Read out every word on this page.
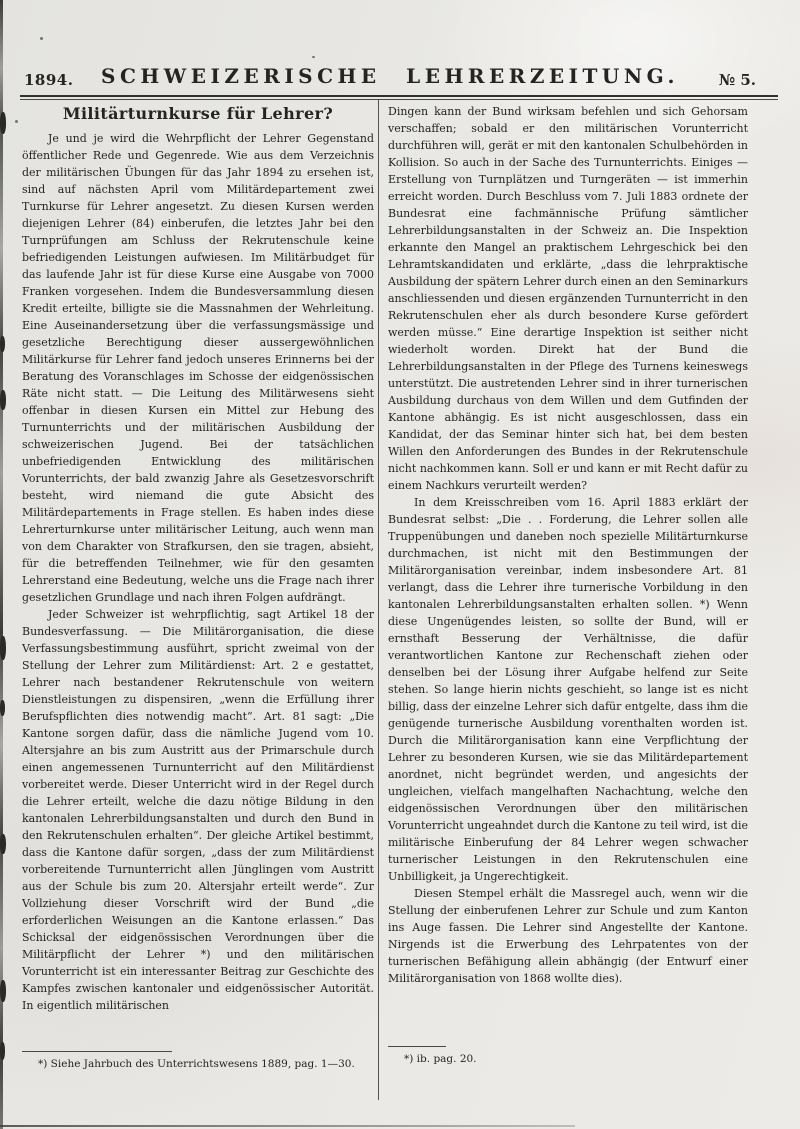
1894.	SCHWEIZERISCHE LEHRERZEITUNG.	№ 5.
Militärturnkurse für Lehrer?

Je und je wird die Wehrpflicht der Lehrer Gegenstand öffentlicher Rede und Gegenrede. Wie aus dem Verzeichnis der militärischen Übungen für das Jahr 1894 zu ersehen ist, sind auf nächsten April vom Militärdepartement zwei Turnkurse für Lehrer angesetzt. Zu diesen Kursen werden diejenigen Lehrer (84) einberufen, die letztes Jahr bei den Turnprüfungen am Schluss der Rekrutenschule keine befriedigenden Leistungen aufwiesen. Im Militärbudget für das laufende Jahr ist für diese Kurse eine Ausgabe von 7000 Franken vorgesehen. Indem die Bundesversammlung diesen Kredit erteilte, billigte sie die Massnahmen der Wehrleitung. Eine Auseinandersetzung über die verfassungsmässige und gesetzliche Berechtigung dieser aussergewöhnlichen Militärkurse für Lehrer fand jedoch unseres Erinnerns bei der Beratung des Voranschlages im Schosse der eidgenössischen Räte nicht statt. — Die Leitung des Militärwesens sieht offenbar in diesen Kursen ein Mittel zur Hebung des Turnunterrichts und der militärischen Ausbildung der schweizerischen Jugend. Bei der tatsächlichen unbefriedigenden Entwicklung des militärischen Vorunterrichts, der bald zwanzig Jahre als Gesetzesvorschrift besteht, wird niemand die gute Absicht des Militärdepartements in Frage stellen. Es haben indes diese Lehrerturnkurse unter militärischer Leitung, auch wenn man von dem Charakter von Strafkursen, den sie tragen, absieht, für die betreffenden Teilnehmer, wie für den gesamten Lehrerstand eine Bedeutung, welche uns die Frage nach ihrer gesetzlichen Grundlage und nach ihren Folgen aufdrängt.

Jeder Schweizer ist wehrpflichtig, sagt Artikel 18 der Bundesverfassung. — Die Militärorganisation, die diese Verfassungsbestimmung ausführt, spricht zweimal von der Stellung der Lehrer zum Militärdienst: Art. 2 e gestattet, Lehrer nach bestandener Rekrutenschule von weitern Dienstleistungen zu dispensiren, „wenn die Erfüllung ihrer Berufspflichten dies notwendig macht“. Art. 81 sagt: „Die Kantone sorgen dafür, dass die nämliche Jugend vom 10. Altersjahre an bis zum Austritt aus der Primarschule durch einen angemessenen Turnunterricht auf den Militärdienst vorbereitet werde. Dieser Unterricht wird in der Regel durch die Lehrer erteilt, welche die dazu nötige Bildung in den kantonalen Lehrerbildungsanstalten und durch den Bund in den Rekrutenschulen erhalten“. Der gleiche Artikel bestimmt, dass die Kantone dafür sorgen, „dass der zum Militärdienst vorbereitende Turnunterricht allen Jünglingen vom Austritt aus der Schule bis zum 20. Altersjahr erteilt werde“. Zur Vollziehung dieser Vorschrift wird der Bund „die erforderlichen Weisungen an die Kantone erlassen.“ Das Schicksal der eidgenössischen Verordnungen über die Militärpflicht der Lehrer *) und den militärischen Vorunterricht ist ein interessanter Beitrag zur Geschichte des Kampfes zwischen kantonaler und eidgenössischer Autorität. In eigentlich militärischen

Dingen kann der Bund wirksam befehlen und sich Gehorsam verschaffen; sobald er den militärischen Vorunterricht durchführen will, gerät er mit den kantonalen Schulbehörden in Kollision. So auch in der Sache des Turnunterrichts. Einiges — Erstellung von Turnplätzen und Turngeräten — ist immerhin erreicht worden. Durch Beschluss vom 7. Juli 1883 ordnete der Bundesrat eine fachmännische Prüfung sämtlicher Lehrerbildungsanstalten in der Schweiz an. Die Inspektion erkannte den Mangel an praktischem Lehrgeschick bei den Lehramtskandidaten und erklärte, „dass die lehrpraktische Ausbildung der spätern Lehrer durch einen an den Seminarkurs anschliessenden und diesen ergänzenden Turnunterricht in den Rekrutenschulen eher als durch besondere Kurse gefördert werden müsse.“ Eine derartige Inspektion ist seither nicht wiederholt worden. Direkt hat der Bund die Lehrerbildungsanstalten in der Pflege des Turnens keineswegs unterstützt. Die austretenden Lehrer sind in ihrer turnerischen Ausbildung durchaus von dem Willen und dem Gutfinden der Kantone abhängig. Es ist nicht ausgeschlossen, dass ein Kandidat, der das Seminar hinter sich hat, bei dem besten Willen den Anforderungen des Bundes in der Rekrutenschule nicht nachkommen kann. Soll er und kann er mit Recht dafür zu einem Nachkurs verurteilt werden?

In dem Kreisschreiben vom 16. April 1883 erklärt der Bundesrat selbst: „Die . . Forderung, die Lehrer sollen alle Truppenübungen und daneben noch spezielle Militärturnkurse durchmachen, ist nicht mit den Bestimmungen der Militärorganisation vereinbar, indem insbesondere Art. 81 verlangt, dass die Lehrer ihre turnerische Vorbildung in den kantonalen Lehrerbildungsanstalten erhalten sollen. *) Wenn diese Ungenügendes leisten, so sollte der Bund, will er ernsthaft Besserung der Verhältnisse, die dafür verantwortlichen Kantone zur Rechenschaft ziehen oder denselben bei der Lösung ihrer Aufgabe helfend zur Seite stehen. So lange hierin nichts geschieht, so lange ist es nicht billig, dass der einzelne Lehrer sich dafür entgelte, dass ihm die genügende turnerische Ausbildung vorenthalten worden ist. Durch die Militärorganisation kann eine Verpflichtung der Lehrer zu besonderen Kursen, wie sie das Militärdepartement anordnet, nicht begründet werden, und angesichts der ungleichen, vielfach mangelhaften Nachachtung, welche den eidgenössischen Verordnungen über den militärischen Vorunterricht ungeahndet durch die Kantone zu teil wird, ist die militärische Einberufung der 84 Lehrer wegen schwacher turnerischer Leistungen in den Rekrutenschulen eine Unbilligkeit, ja Ungerechtigkeit.

Diesen Stempel erhält die Massregel auch, wenn wir die Stellung der einberufenen Lehrer zur Schule und zum Kanton ins Auge fassen. Die Lehrer sind Angestellte der Kantone. Nirgends ist die Erwerbung des Lehrpatentes von der turnerischen Befähigung allein abhängig (der Entwurf einer Militärorganisation von 1868 wollte dies).

*) Siehe Jahrbuch des Unterrichtswesens 1889, pag. 1—30.	*) ib. pag. 20.
